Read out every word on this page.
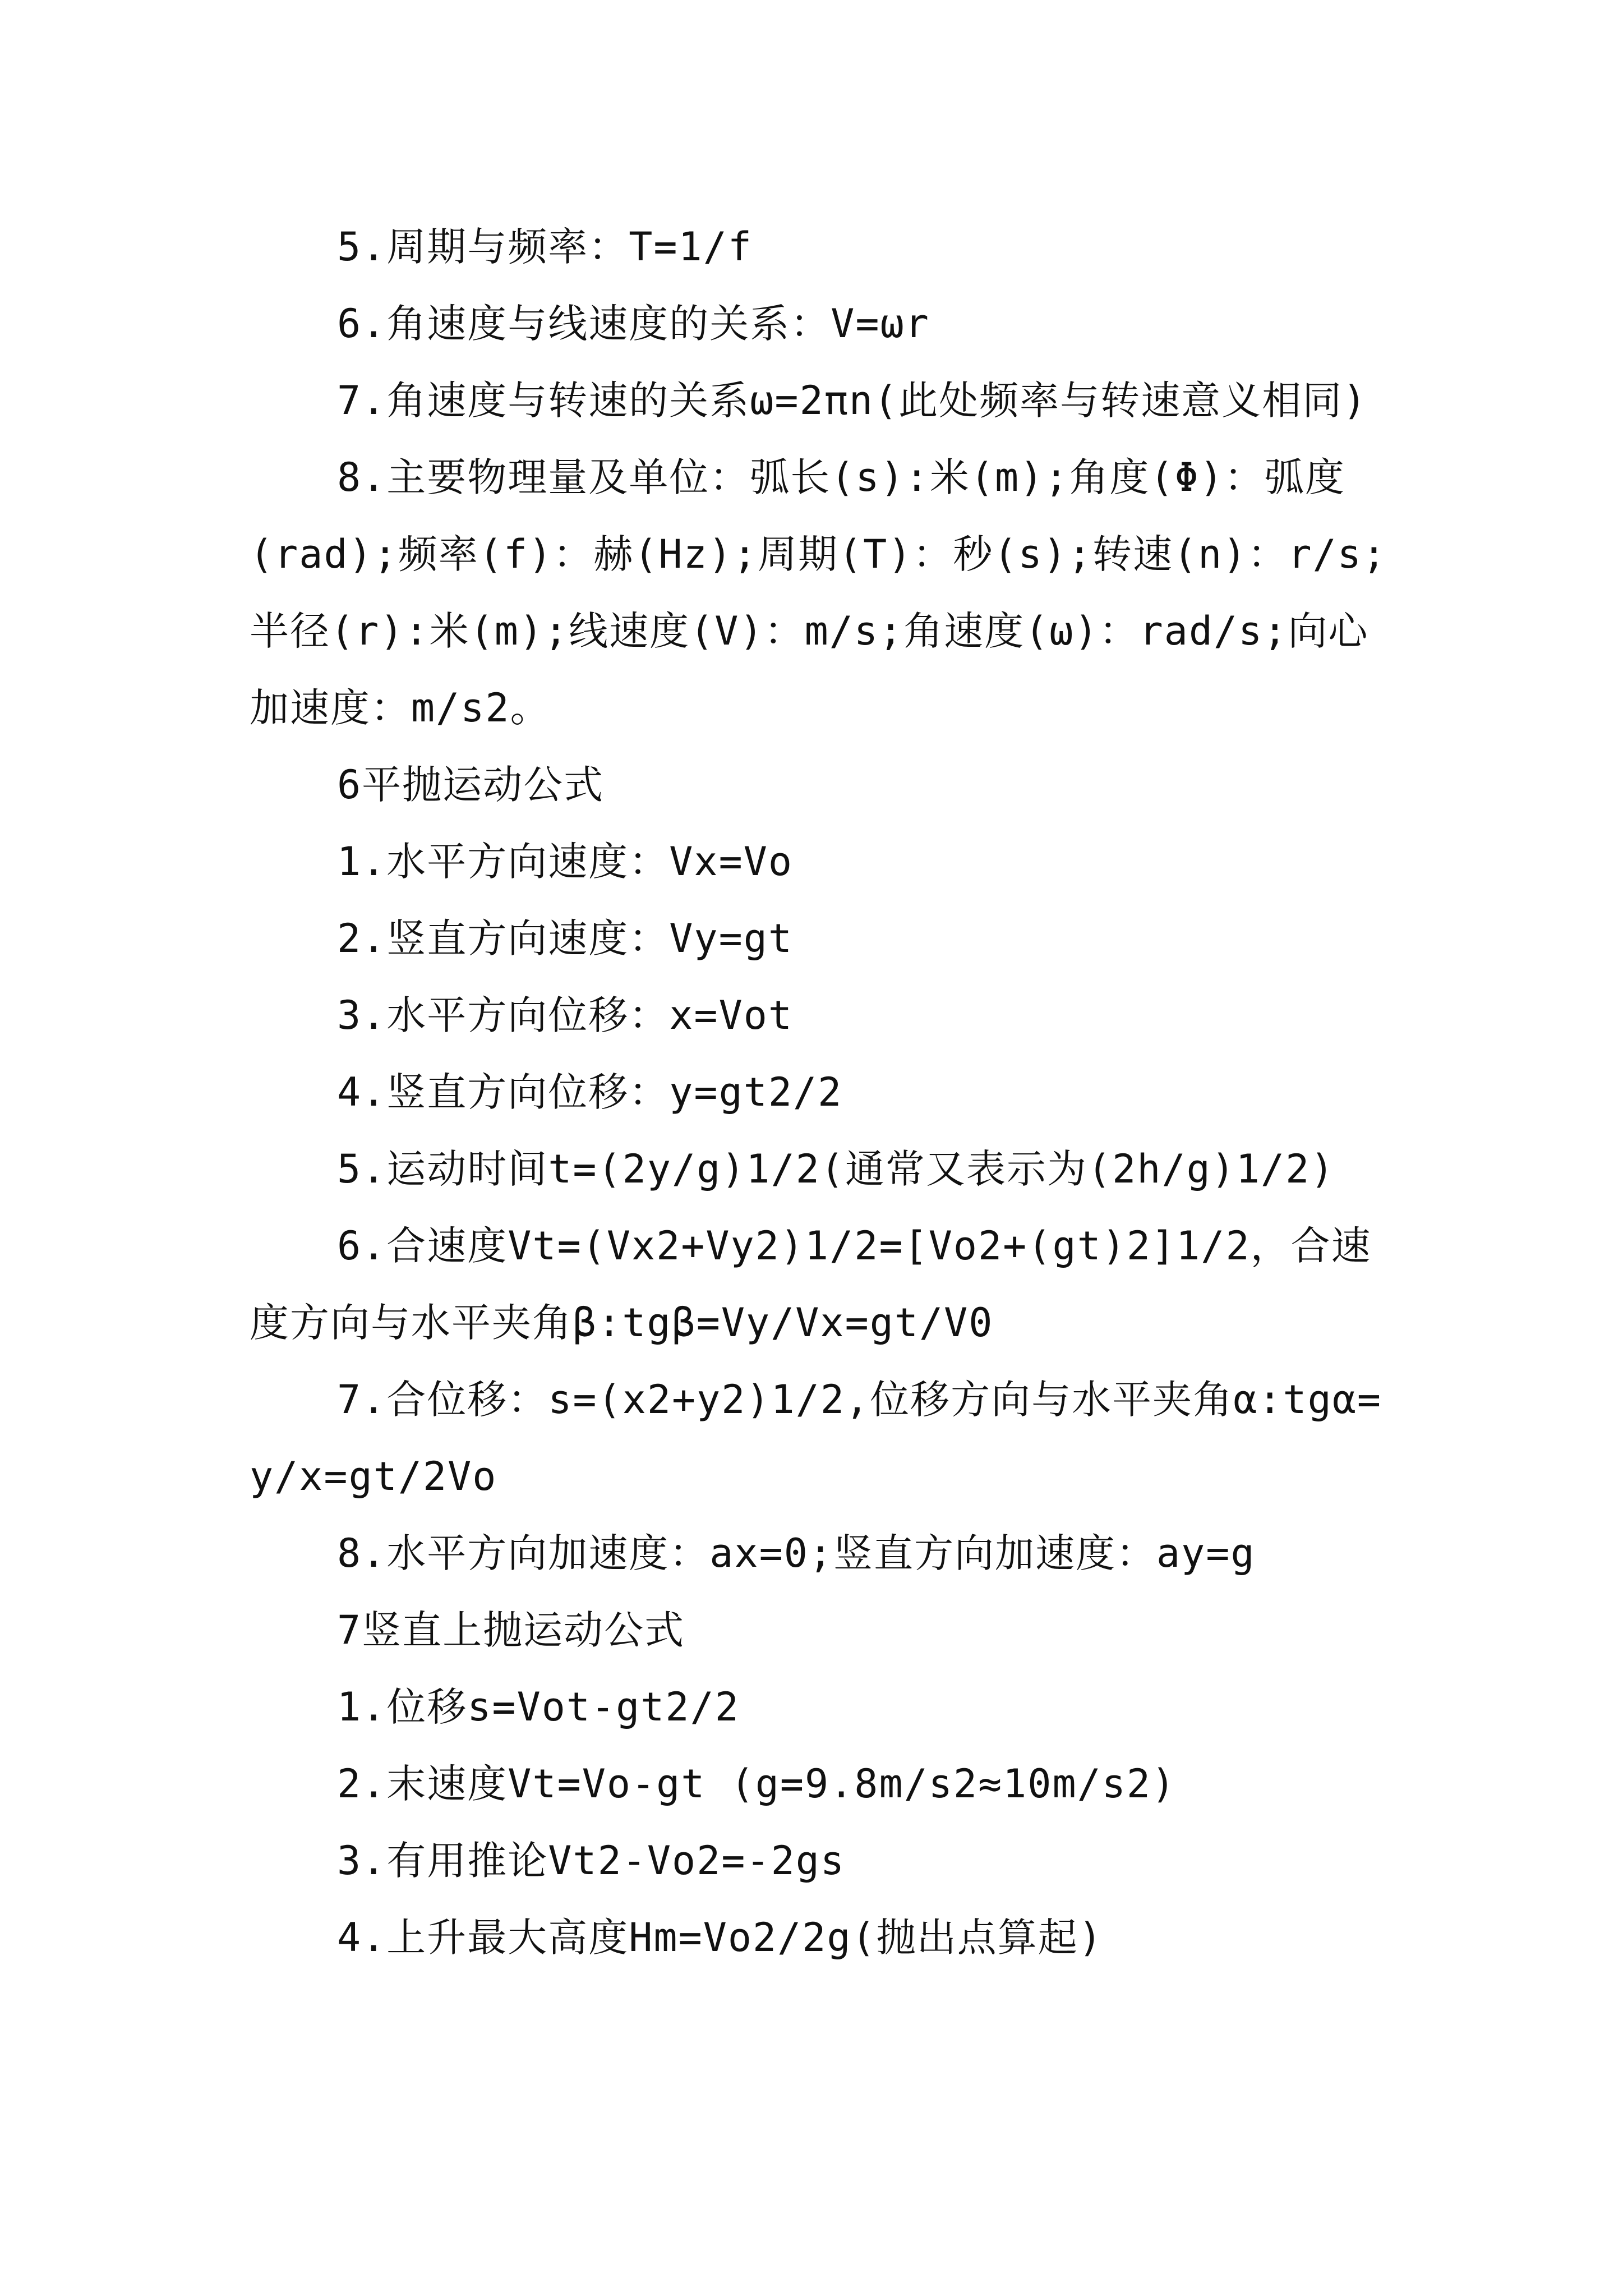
5.周期与频率：T=1/f

6.角速度与线速度的关系：V=ωr

7.角速度与转速的关系ω=2πn(此处频率与转速意义相同)

8.主要物理量及单位：弧长(s):米(m);角度(Φ)：弧度(rad);频率(f)：赫(Hz);周期(T)：秒(s);转速(n)：r/s;半径(r):米(m);线速度(V)：m/s;角速度(ω)：rad/s;向心加速度：m/s2。

6平抛运动公式

1.水平方向速度：Vx=Vo

2.竖直方向速度：Vy=gt

3.水平方向位移：x=Vot

4.竖直方向位移：y=gt2/2

5.运动时间t=(2y/g)1/2(通常又表示为(2h/g)1/2)

6.合速度Vt=(Vx2+Vy2)1/2=[Vo2+(gt)2]1/2，合速度方向与水平夹角β:tgβ=Vy/Vx=gt/V0

7.合位移：s=(x2+y2)1/2,位移方向与水平夹角α:tgα=y/x=gt/2Vo

8.水平方向加速度：ax=0;竖直方向加速度：ay=g

7竖直上抛运动公式

1.位移s=Vot-gt2/2

2.末速度Vt=Vo-gt (g=9.8m/s2≈10m/s2)

3.有用推论Vt2-Vo2=-2gs

4.上升最大高度Hm=Vo2/2g(抛出点算起)
